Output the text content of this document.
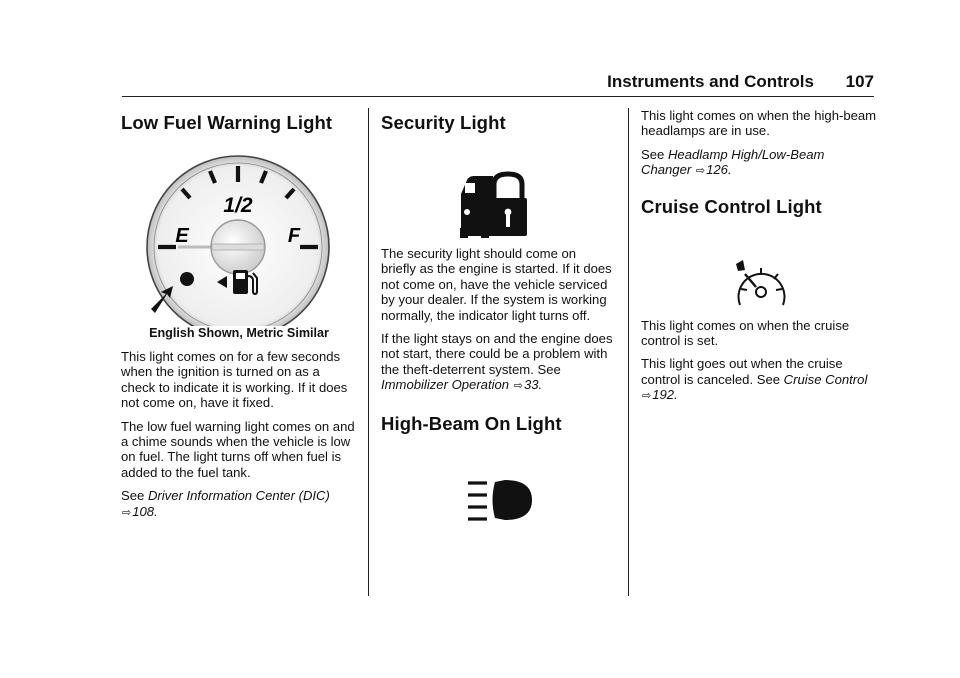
Instruments and Controls 107
Low Fuel Warning Light
1/2
E	F

English Shown, Metric Similar

This light comes on for a few seconds when the ignition is turned on as a check to indicate it is working. If it does not come on, have it fixed.

The low fuel warning light comes on and a chime sounds when the vehicle is low on fuel. The light turns off when fuel is added to the fuel tank.

See Driver Information Center (DIC) ⇨108.

Security Light

The security light should come on briefly as the engine is started. If it does not come on, have the vehicle serviced by your dealer. If the system is working normally, the indicator light turns off.

If the light stays on and the engine does not start, there could be a problem with the theft-deterrent system. See Immobilizer Operation ⇨33.

High-Beam On Light

This light comes on when the high-beam headlamps are in use.

See Headlamp High/Low-Beam Changer ⇨126.

Cruise Control Light

This light comes on when the cruise control is set.

This light goes out when the cruise control is canceled. See Cruise Control ⇨192.
